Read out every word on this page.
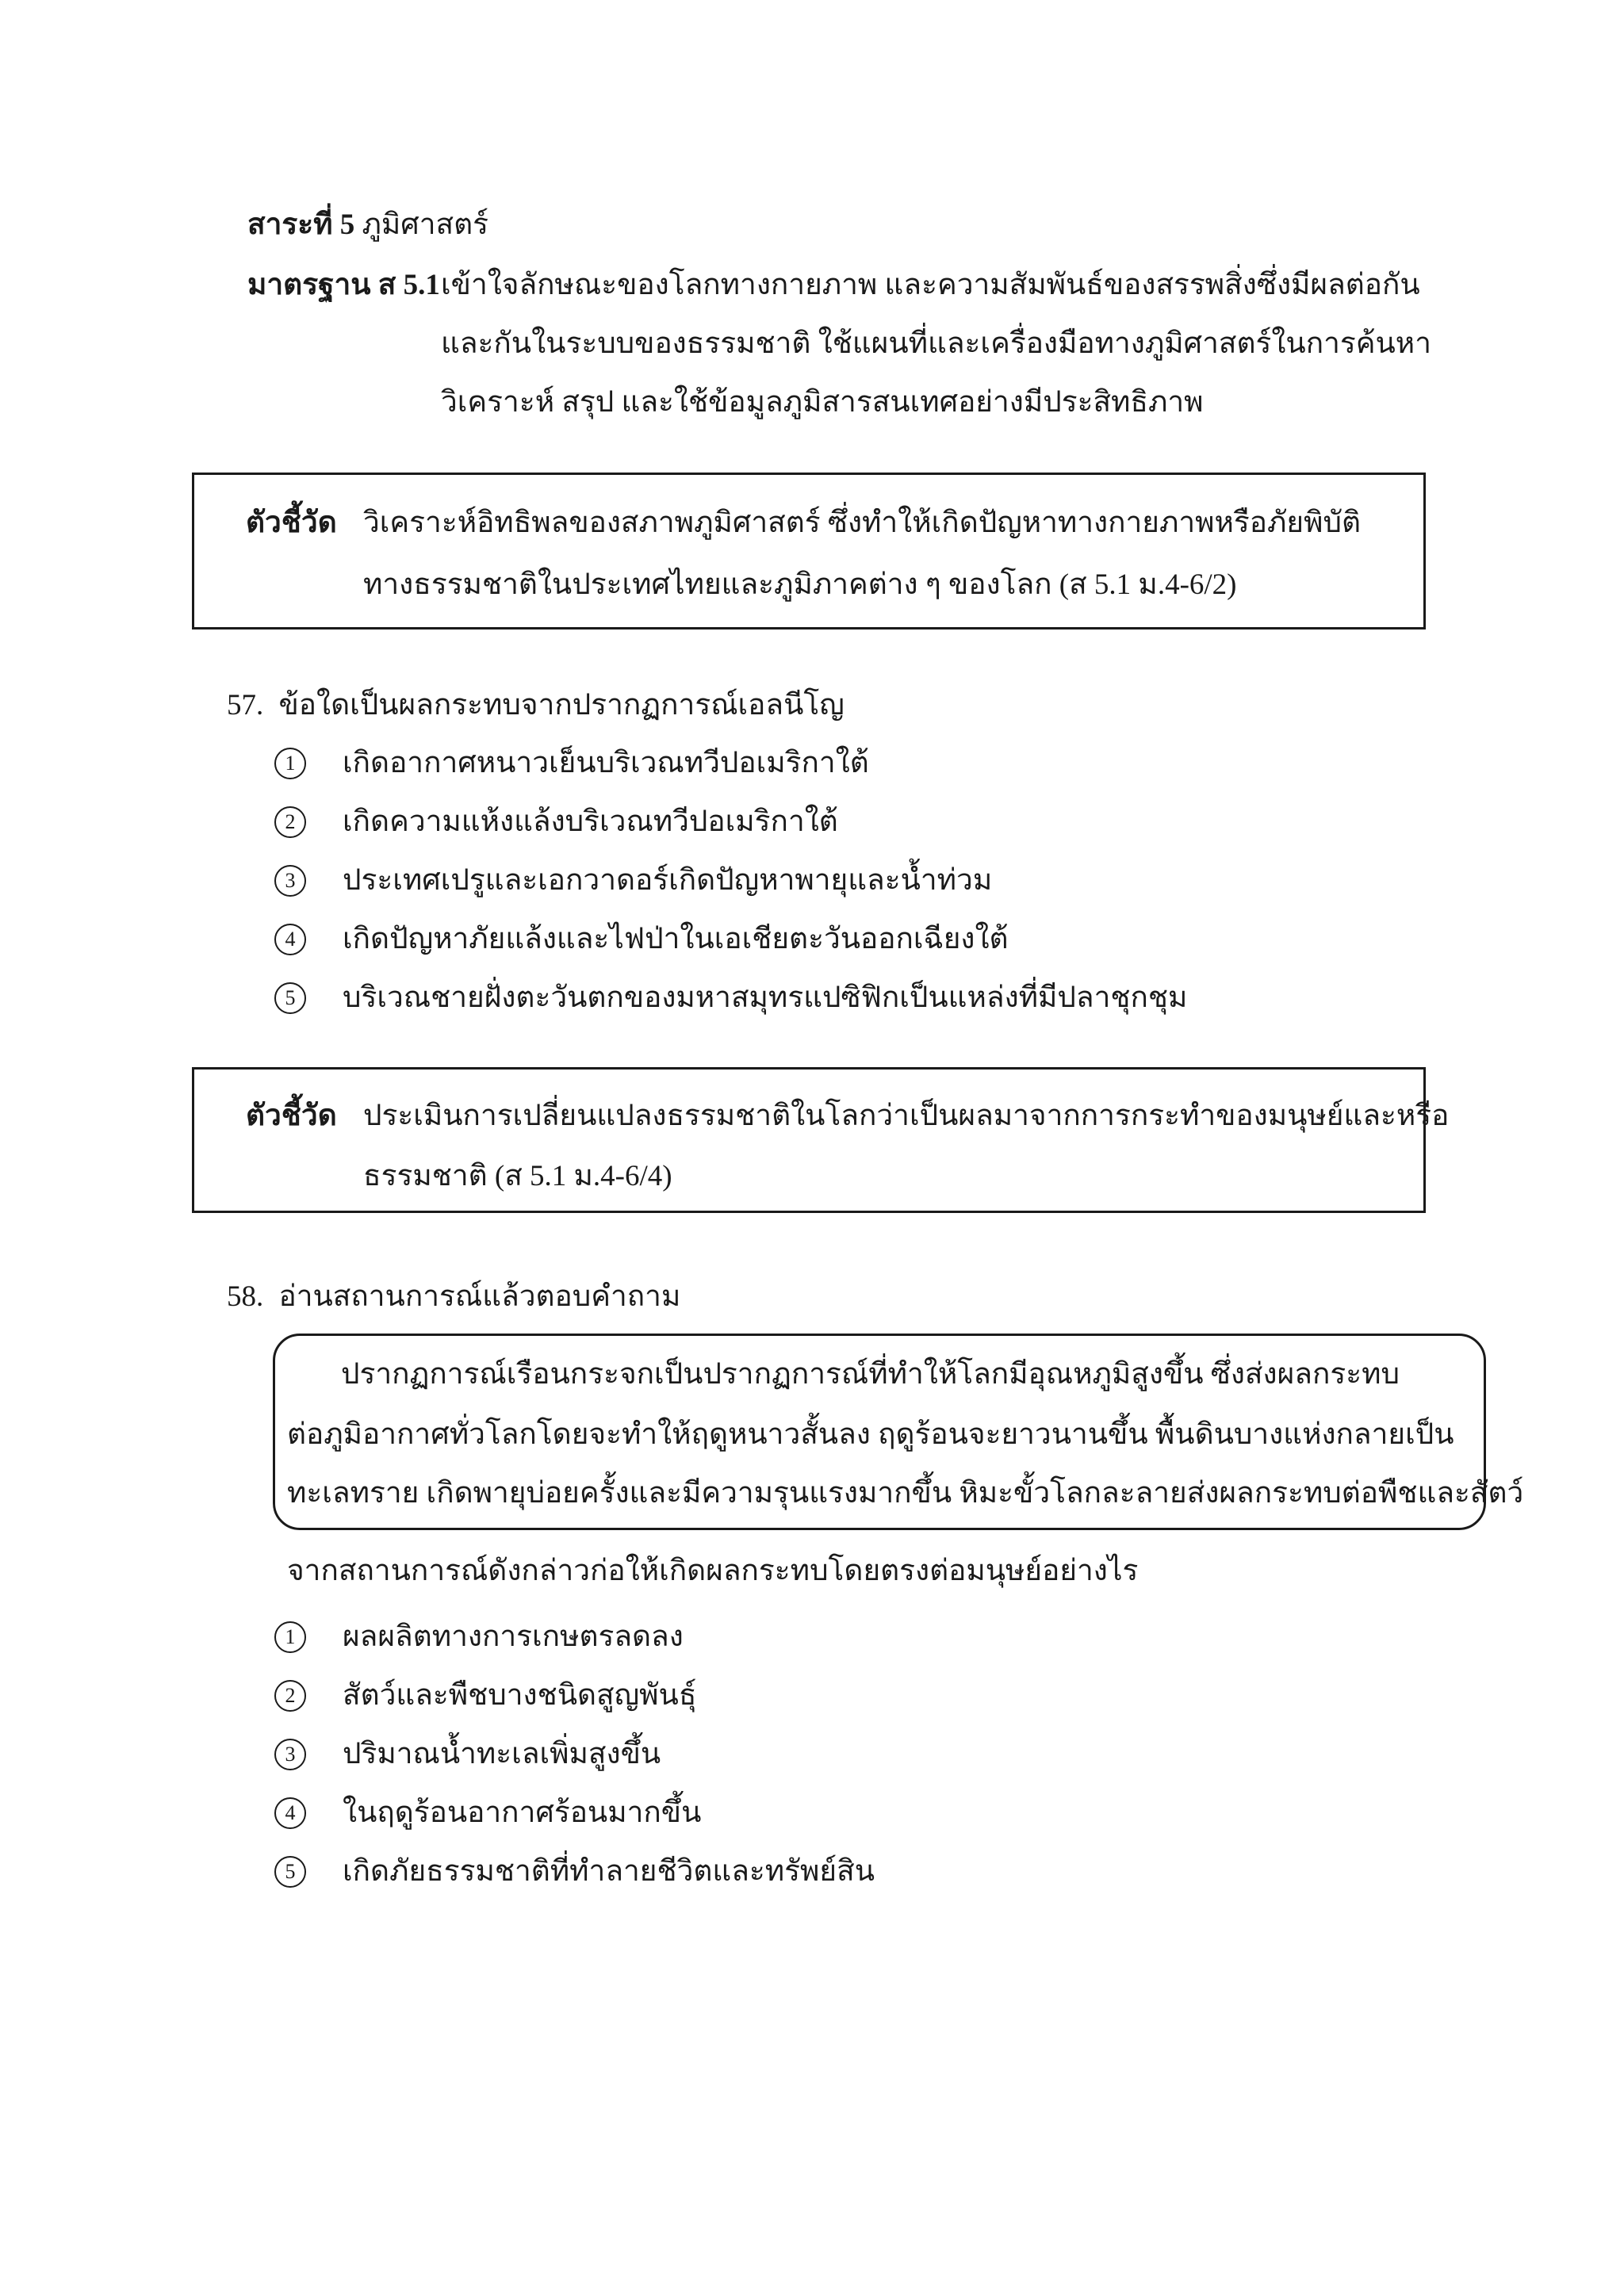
สาระที่ 5 ภูมิศาสตร์
มาตรฐาน ส 5.1 เข้าใจลักษณะของโลกทางกายภาพ และความสัมพันธ์ของสรรพสิ่งซึ่งมีผลต่อกัน
และกันในระบบของธรรมชาติ ใช้แผนที่และเครื่องมือทางภูมิศาสตร์ในการค้นหา
วิเคราะห์ สรุป และใช้ข้อมูลภูมิสารสนเทศอย่างมีประสิทธิภาพ
ตัวชี้วัด วิเคราะห์อิทธิพลของสภาพภูมิศาสตร์ ซึ่งทำให้เกิดปัญหาทางกายภาพหรือภัยพิบัติ
ทางธรรมชาติในประเทศไทยและภูมิภาคต่าง ๆ ของโลก (ส 5.1 ม.4-6/2)
57. ข้อใดเป็นผลกระทบจากปรากฏการณ์เอลนีโญ
1	เกิดอากาศหนาวเย็นบริเวณทวีปอเมริกาใต้
2	เกิดความแห้งแล้งบริเวณทวีปอเมริกาใต้
3	ประเทศเปรูและเอกวาดอร์เกิดปัญหาพายุและน้ำท่วม
4	เกิดปัญหาภัยแล้งและไฟป่าในเอเชียตะวันออกเฉียงใต้
5	บริเวณชายฝั่งตะวันตกของมหาสมุทรแปซิฟิกเป็นแหล่งที่มีปลาชุกชุม
ตัวชี้วัด ประเมินการเปลี่ยนแปลงธรรมชาติในโลกว่าเป็นผลมาจากการกระทำของมนุษย์และหรือ
ธรรมชาติ (ส 5.1 ม.4-6/4)
58. อ่านสถานการณ์แล้วตอบคำถาม
ปรากฏการณ์เรือนกระจกเป็นปรากฏการณ์ที่ทำให้โลกมีอุณหภูมิสูงขึ้น ซึ่งส่งผลกระทบ
ต่อภูมิอากาศทั่วโลกโดยจะทำให้ฤดูหนาวสั้นลง ฤดูร้อนจะยาวนานขึ้น พื้นดินบางแห่งกลายเป็น
ทะเลทราย เกิดพายุบ่อยครั้งและมีความรุนแรงมากขึ้น หิมะขั้วโลกละลายส่งผลกระทบต่อพืชและสัตว์
จากสถานการณ์ดังกล่าวก่อให้เกิดผลกระทบโดยตรงต่อมนุษย์อย่างไร
1	ผลผลิตทางการเกษตรลดลง
2	สัตว์และพืชบางชนิดสูญพันธุ์
3	ปริมาณน้ำทะเลเพิ่มสูงขึ้น
4	ในฤดูร้อนอากาศร้อนมากขึ้น
5	เกิดภัยธรรมชาติที่ทำลายชีวิตและทรัพย์สิน
